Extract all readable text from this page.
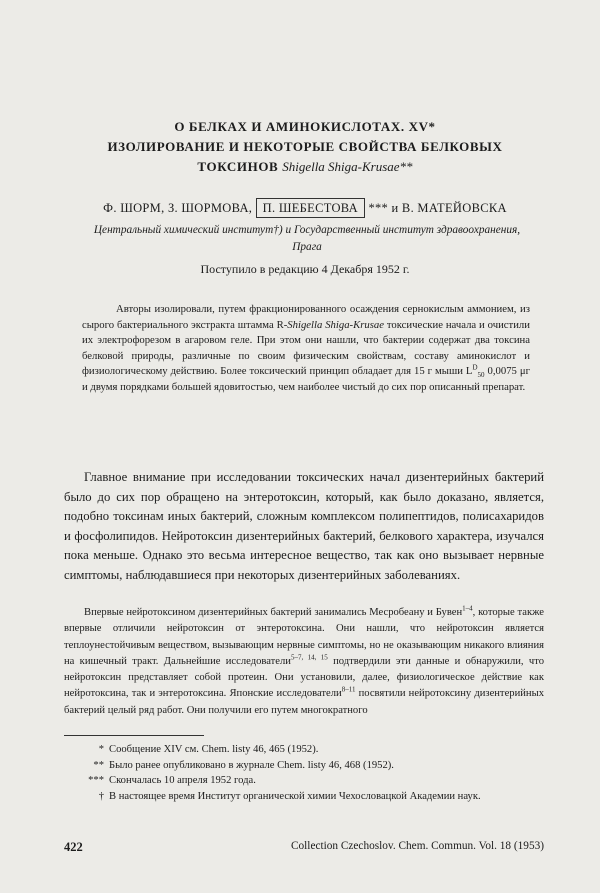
О БЕЛКАХ И АМИНОКИСЛОТАХ. XV*
ИЗОЛИРОВАНИЕ И НЕКОТОРЫЕ СВОЙСТВА БЕЛКОВЫХ
ТОКСИНОВ Shigella Shiga-Krusae**
Ф. ШОРМ, З. ШОРМОВА, П. ШЕБЕСТОВА *** и В. МАТЕЙОВСКА
Центральный химический институт†) и Государственный институт здравоохранения,
Прага
Поступило в редакцию 4 Декабря 1952 г.

Авторы изолировали, путем фракционированного осаждения сернокислым аммонием, из сырого бактериального экстракта штамма R-Shigella Shiga-Krusae токсические начала и очистили их электрофорезом в агаровом геле. При этом они нашли, что бактерии содержат два токсина белковой природы, различные по своим физическим свойствам, составу аминокислот и физиологическому действию. Более токсический принцип обладает для 15 г мыши $L^D_{50}$ 0,0075 μг и двумя порядками большей ядовитостью, чем наиболее чистый до сих пор описанный препарат.

Главное внимание при исследовании токсических начал дизентерийных бактерий было до сих пор обращено на энтеротоксин, который, как было доказано, является, подобно токсинам иных бактерий, сложным комплексом полипептидов, полисахаридов и фосфолипидов. Нейротоксин дизентерийных бактерий, белкового характера, изучался пока меньше. Однако это весьма интересное вещество, так как оно вызывает нервные симптомы, наблюдавшиеся при некоторых дизентерийных заболеваниях.

Впервые нейротоксином дизентерийных бактерий занимались Месробеану и Бувен$^{1-4}$, которые также впервые отличили нейротоксин от энтеротоксина. Они нашли, что нейротоксин является теплоунестойчивым веществом, вызывающим нервные симптомы, но не оказывающим никакого влияния на кишечный тракт. Дальнейшие исследователи$^{5-7, 14, 15}$ подтвердили эти данные и обнаружили, что нейротоксин представляет собой протеин. Они установили, далее, физиологическое действие как нейротоксина, так и энтеротоксина. Японские исследователи$^{8-11}$ посвятили нейротоксину дизентерийных бактерий целый ряд работ. Они получили его путем многократного

* Сообщение XIV см. Chem. listy 46, 465 (1952).
** Было ранее опубликовано в журнале Chem. listy 46, 468 (1952).
*** Скончалась 10 апреля 1952 года.
† В настоящее время Институт органической химии Чехословацкой Академии наук.
422	Collection Czechoslov. Chem. Commun. Vol. 18 (1953)
